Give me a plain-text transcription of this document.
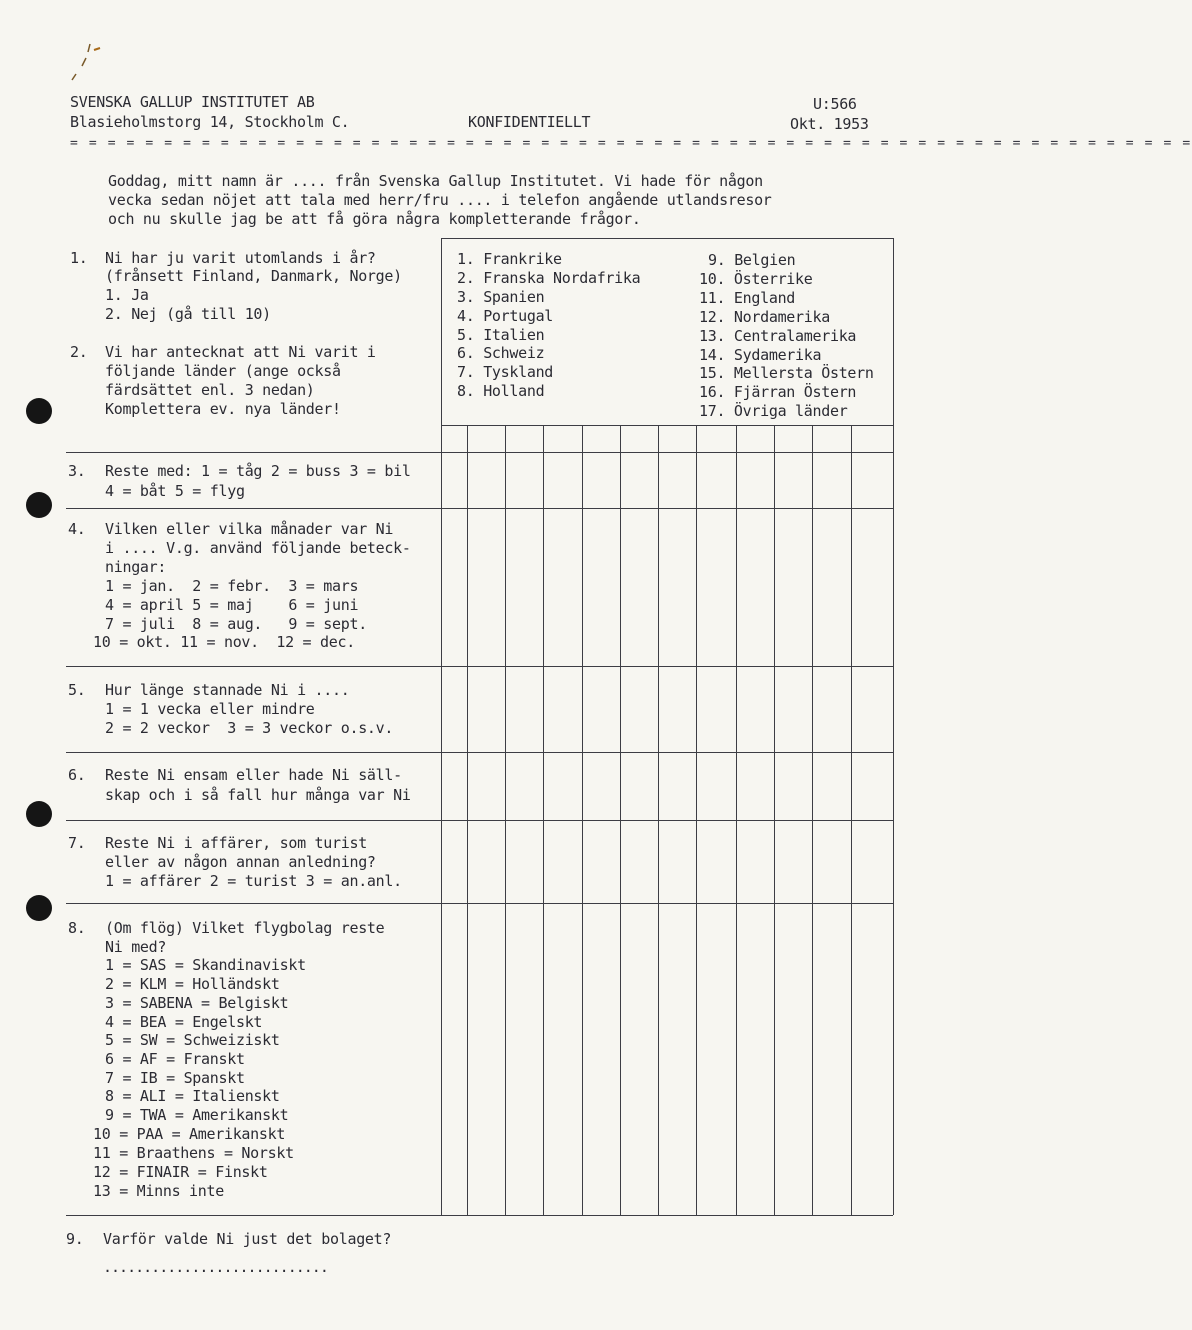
SVENSKA GALLUP INSTITUTET AB
Blasieholmstorg 14, Stockholm C.	KONFIDENTIELLT
U:566
Okt. 1953
= = = = = = = = = = = = = = = = = = = = = = = = = = = = = = = = = = = = = = = = = = = = = = = = = = = = = = = = = = = =
Goddag, mitt namn är .... från Svenska Gallup Institutet. Vi hade för någon
vecka sedan nöjet att tala med herr/fru .... i telefon angående utlandsresor
och nu skulle jag be att få göra några kompletterande frågor.
1. Ni har ju varit utomlands i år?
(frånsett Finland, Danmark, Norge)
1. Ja
2. Nej (gå till 10)
2. Vi har antecknat att Ni varit i
följande länder (ange också
färdsättet enl. 3 nedan)
Komplettera ev. nya länder!
1. Frankrike
2. Franska Nordafrika
3. Spanien
4. Portugal
5. Italien
6. Schweiz
7. Tyskland
8. Holland
9. Belgien
10. Österrike
11. England
12. Nordamerika
13. Centralamerika
14. Sydamerika
15. Mellersta Östern
16. Fjärran Östern
17. Övriga länder
3. Reste med: 1 = tåg 2 = buss 3 = bil
4 = båt 5 = flyg
4. Vilken eller vilka månader var Ni
i .... V.g. använd följande beteck-
ningar:
1 = jan.  2 = febr.  3 = mars
4 = april 5 = maj    6 = juni
7 = juli  8 = aug.   9 = sept.
10 = okt. 11 = nov.  12 = dec.
5. Hur länge stannade Ni i ....
1 = 1 vecka eller mindre
2 = 2 veckor  3 = 3 veckor o.s.v.
6. Reste Ni ensam eller hade Ni säll-
skap och i så fall hur många var Ni
7. Reste Ni i affärer, som turist
eller av någon annan anledning?
1 = affärer 2 = turist 3 = an.anl.
8. (Om flög) Vilket flygbolag reste
Ni med?
1 = SAS = Skandinaviskt
2 = KLM = Holländskt
3 = SABENA = Belgiskt
4 = BEA = Engelskt
5 = SW = Schweiziskt
6 = AF = Franskt
7 = IB = Spanskt
8 = ALI = Italienskt
9 = TWA = Amerikanskt
10 = PAA = Amerikanskt
11 = Braathens = Norskt
12 = FINAIR = Finskt
13 = Minns inte
9. Varför valde Ni just det bolaget?
............................
